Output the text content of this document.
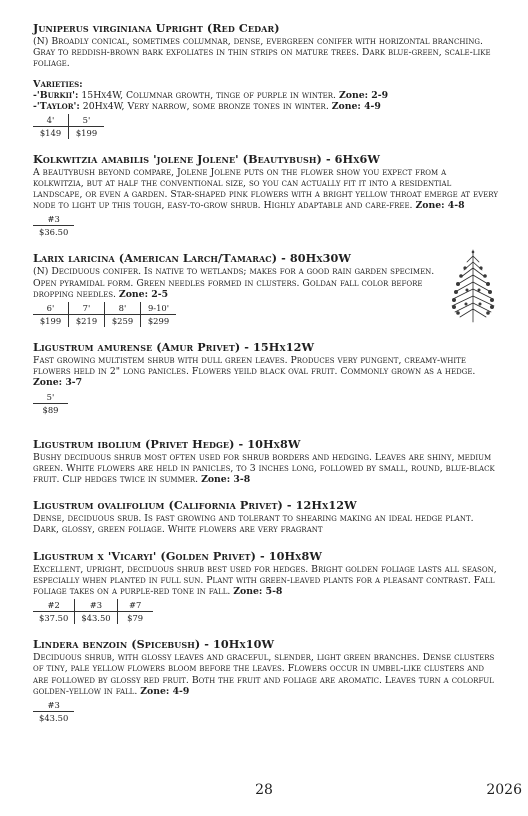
Juniperus virginiana Upright (Red Cedar)

(N) Broadly conical, sometimes columnar, dense, evergreen conifer with horizontal branching. Gray to reddish-brown bark exfoliates in thin strips on mature trees. Dark blue-green, scale-like foliage.

Varieties:
-'Burkii': 15Hx4W, Columnar growth, tinge of purple in winter. Zone: 2-9
-'Taylor': 20Hx4W, Very narrow, some bronze tones in winter. Zone: 4-9
4'	5'
$149	$199
Kolkwitzia amabilis 'jolene Jolene' (Beautybush) - 6Hx6W

A beautybush beyond compare, Jolene Jolene puts on the flower show you expect from a kolkwitzia, but at half the conventional size, so you can actually fit it into a residential landscape, or even a garden. Star-shaped pink flowers with a bright yellow throat emerge at every node to light up this tough, easy-to-grow shrub. Highly adaptable and care-free. Zone: 4-8

#3
$36.50
Larix laricina (American Larch/Tamarac) - 80Hx30W

(N) Deciduous conifer. Is native to wetlands; makes for a good rain garden specimen. Open pyramidal form. Green needles formed in clusters. Goldan fall color before dropping needles. Zone: 2-5

6'	7'	8'	9-10'
$199	$219	$259	$299
Ligustrum amurense (Amur Privet) - 15Hx12W

Fast growing multistem shrub with dull green leaves. Produces very pungent, creamy-white flowers held in 2" long panicles. Flowers yeild black oval fruit. Commonly grown as a hedge. Zone: 3-7

5'
$89
Ligustrum ibolium (Privet Hedge) - 10Hx8W

Bushy deciduous shrub most often used for shrub borders and hedging. Leaves are shiny, medium green. White flowers are held in panicles, to 3 inches long, followed by small, round, blue-black fruit. Clip hedges twice in summer. Zone: 3-8

Ligustrum ovalifolium (California Privet) - 12Hx12W

Dense, deciduous srub. Is fast growing and tolerant to shearing making an ideal hedge plant. Dark, glossy, green foliage. White flowers are very fragrant

Ligustrum x 'Vicaryi' (Golden Privet) - 10Hx8W

Excellent, upright, deciduous shrub best used for hedges. Bright golden foliage lasts all season, especially when planted in full sun. Plant with green-leaved plants for a pleasant contrast. Fall foliage takes on a purple-red tone in fall. Zone: 5-8

#2	#3	#7
$37.50	$43.50	$79
Lindera benzoin (Spicebush) - 10Hx10W

Deciduous shrub, with glossy leaves and graceful, slender, light green branches. Dense clusters of tiny, pale yellow flowers bloom before the leaves. Flowers occur in umbel-like clusters and are followed by glossy red fruit. Both the fruit and foliage are aromatic. Leaves turn a colorful golden-yellow in fall. Zone: 4-9

#3
$43.50
28	2026
